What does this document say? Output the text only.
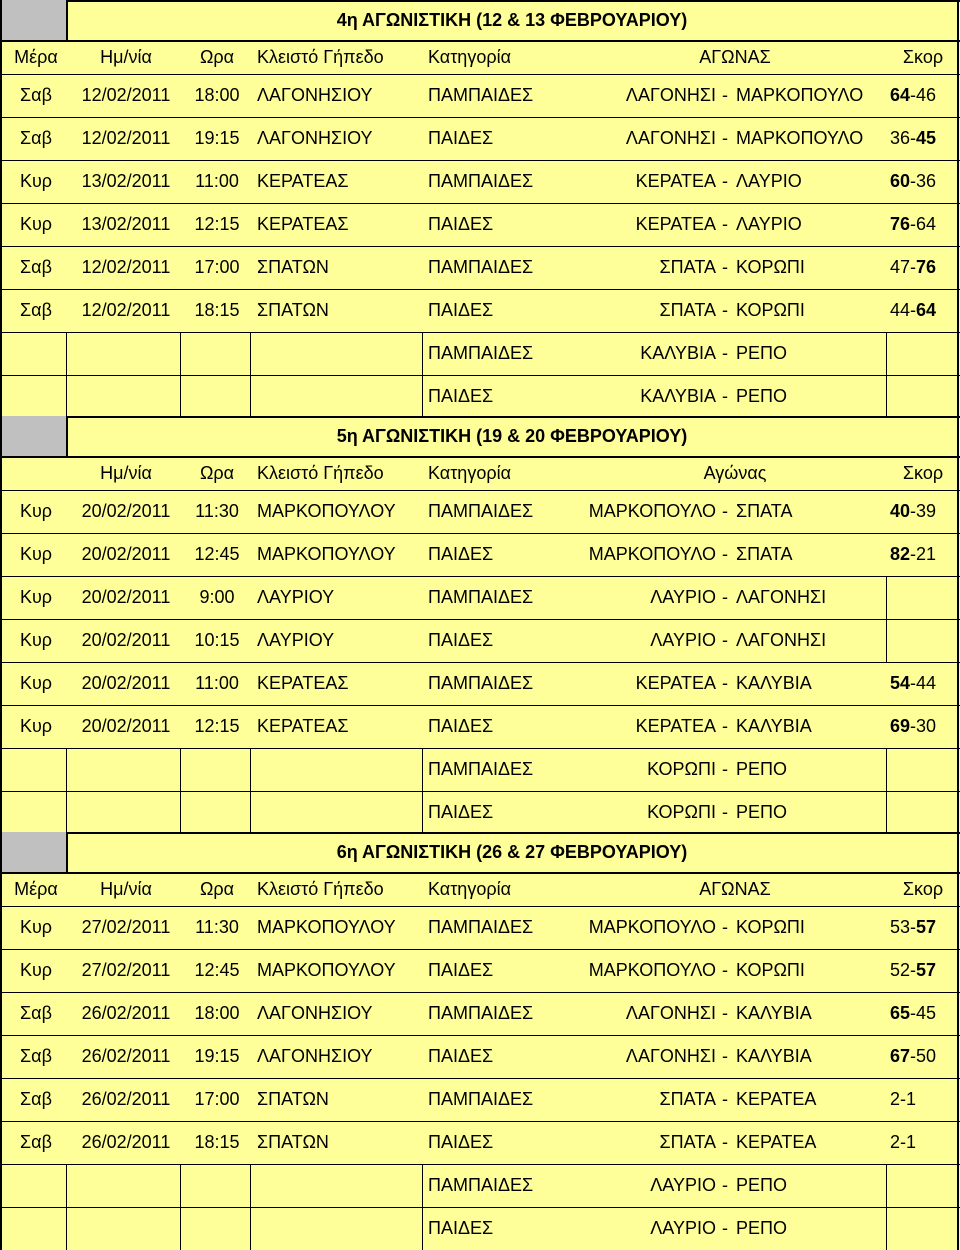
4η ΑΓΩΝΙΣΤΙΚΗ (12 & 13 ΦΕΒΡΟΥΑΡΙΟΥ)
Μέρα Ημ/νία	Ωρα Κλειστό Γήπεδο Κατηγορία	ΑΓΩΝΑΣ	Σκορ
Σαβ 12/02/2011 18:00 ΛΑΓΟΝΗΣΙΟΥ	ΠΑΜΠΑΙΔΕΣ	ΛΑΓΟΝΗΣΙ - ΜΑΡΚΟΠΟΥΛΟ 64 - 46
Σαβ 12/02/2011 19:15 ΛΑΓΟΝΗΣΙΟΥ	ΠΑΙΔΕΣ	ΛΑΓΟΝΗΣΙ - ΜΑΡΚΟΠΟΥΛΟ 36 - 45
Κυρ 13/02/2011 11:00 ΚΕΡΑΤΕΑΣ	ΠΑΜΠΑΙΔΕΣ	ΚΕΡΑΤΕΑ - ΛΑΥΡΙΟ	60 - 36
Κυρ 13/02/2011 12:15 ΚΕΡΑΤΕΑΣ	ΠΑΙΔΕΣ	ΚΕΡΑΤΕΑ - ΛΑΥΡΙΟ	76 - 64
Σαβ 12/02/2011 17:00 ΣΠΑΤΩΝ	ΠΑΜΠΑΙΔΕΣ	ΣΠΑΤΑ - ΚΟΡΩΠΙ	47 - 76
Σαβ 12/02/2011 18:15 ΣΠΑΤΩΝ	ΠΑΙΔΕΣ	ΣΠΑΤΑ - ΚΟΡΩΠΙ	44 - 64
ΠΑΜΠΑΙΔΕΣ	ΚΑΛΥΒΙΑ - ΡΕΠΟ
ΠΑΙΔΕΣ	ΚΑΛΥΒΙΑ - ΡΕΠΟ
5η ΑΓΩΝΙΣΤΙΚΗ (19 & 20 ΦΕΒΡΟΥΑΡΙΟΥ)
Ημ/νία	Ωρα Κλειστό Γήπεδο Κατηγορία	Αγώνας	Σκορ
Κυρ 20/02/2011 11:30 ΜΑΡΚΟΠΟΥΛΟΥ ΠΑΜΠΑΙΔΕΣ	ΜΑΡΚΟΠΟΥΛΟ - ΣΠΑΤΑ	40 - 39
Κυρ 20/02/2011 12:45 ΜΑΡΚΟΠΟΥΛΟΥ ΠΑΙΔΕΣ	ΜΑΡΚΟΠΟΥΛΟ - ΣΠΑΤΑ	82 - 21
Κυρ 20/02/2011 9:00 ΛΑΥΡΙΟΥ	ΠΑΜΠΑΙΔΕΣ	ΛΑΥΡΙΟ - ΛΑΓΟΝΗΣΙ
Κυρ 20/02/2011 10:15 ΛΑΥΡΙΟΥ	ΠΑΙΔΕΣ	ΛΑΥΡΙΟ - ΛΑΓΟΝΗΣΙ
Κυρ 20/02/2011 11:00 ΚΕΡΑΤΕΑΣ	ΠΑΜΠΑΙΔΕΣ	ΚΕΡΑΤΕΑ - ΚΑΛΥΒΙΑ	54 - 44
Κυρ 20/02/2011 12:15 ΚΕΡΑΤΕΑΣ	ΠΑΙΔΕΣ	ΚΕΡΑΤΕΑ - ΚΑΛΥΒΙΑ	69 - 30
ΠΑΜΠΑΙΔΕΣ	ΚΟΡΩΠΙ - ΡΕΠΟ
ΠΑΙΔΕΣ	ΚΟΡΩΠΙ - ΡΕΠΟ
6η ΑΓΩΝΙΣΤΙΚΗ (26 & 27 ΦΕΒΡΟΥΑΡΙΟΥ)
Μέρα Ημ/νία	Ωρα Κλειστό Γήπεδο Κατηγορία	ΑΓΩΝΑΣ	Σκορ
Κυρ 27/02/2011 11:30 ΜΑΡΚΟΠΟΥΛΟΥ ΠΑΜΠΑΙΔΕΣ	ΜΑΡΚΟΠΟΥΛΟ - ΚΟΡΩΠΙ	53 - 57
Κυρ 27/02/2011 12:45 ΜΑΡΚΟΠΟΥΛΟΥ ΠΑΙΔΕΣ	ΜΑΡΚΟΠΟΥΛΟ - ΚΟΡΩΠΙ	52 - 57
Σαβ 26/02/2011 18:00 ΛΑΓΟΝΗΣΙΟΥ	ΠΑΜΠΑΙΔΕΣ	ΛΑΓΟΝΗΣΙ - ΚΑΛΥΒΙΑ	65 - 45
Σαβ 26/02/2011 19:15 ΛΑΓΟΝΗΣΙΟΥ	ΠΑΙΔΕΣ	ΛΑΓΟΝΗΣΙ - ΚΑΛΥΒΙΑ	67 - 50
Σαβ 26/02/2011 17:00 ΣΠΑΤΩΝ	ΠΑΜΠΑΙΔΕΣ	ΣΠΑΤΑ - ΚΕΡΑΤΕΑ	2 - 1
Σαβ 26/02/2011 18:15 ΣΠΑΤΩΝ	ΠΑΙΔΕΣ	ΣΠΑΤΑ - ΚΕΡΑΤΕΑ	2 - 1
ΠΑΜΠΑΙΔΕΣ	ΛΑΥΡΙΟ - ΡΕΠΟ
ΠΑΙΔΕΣ	ΛΑΥΡΙΟ - ΡΕΠΟ
